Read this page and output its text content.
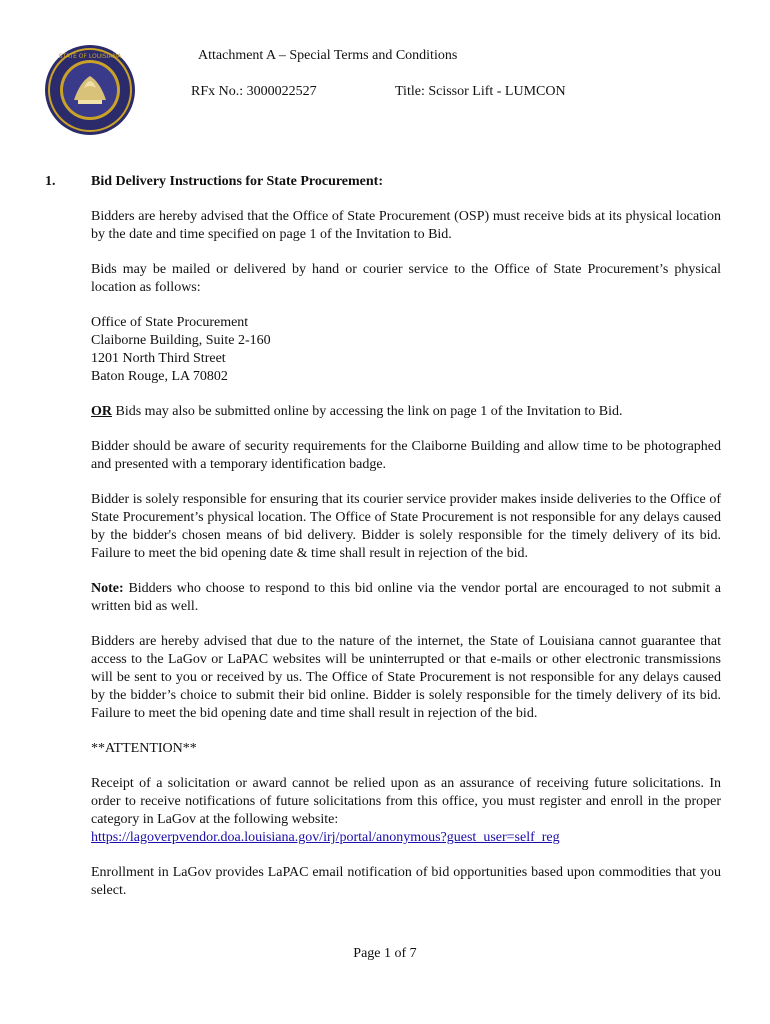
STATE OF LOUISIANA	Attachment A – Special Terms and Conditions
RFx No.: 3000022527	Title: Scissor Lift - LUMCON
1.	Bid Delivery Instructions for State Procurement:

Bidders are hereby advised that the Office of State Procurement (OSP) must receive bids at its physical location by the date and time specified on page 1 of the Invitation to Bid.

Bids may be mailed or delivered by hand or courier service to the Office of State Procurement’s physical location as follows:

Office of State Procurement
Claiborne Building, Suite 2-160
1201 North Third Street
Baton Rouge, LA 70802

OR Bids may also be submitted online by accessing the link on page 1 of the Invitation to Bid.

Bidder should be aware of security requirements for the Claiborne Building and allow time to be photographed and presented with a temporary identification badge.

Bidder is solely responsible for ensuring that its courier service provider makes inside deliveries to the Office of State Procurement’s physical location. The Office of State Procurement is not responsible for any delays caused by the bidder's chosen means of bid delivery. Bidder is solely responsible for the timely delivery of its bid. Failure to meet the bid opening date & time shall result in rejection of the bid.

Note: Bidders who choose to respond to this bid online via the vendor portal are encouraged to not submit a written bid as well.

Bidders are hereby advised that due to the nature of the internet, the State of Louisiana cannot guarantee that access to the LaGov or LaPAC websites will be uninterrupted or that e-mails or other electronic transmissions will be sent to you or received by us. The Office of State Procurement is not responsible for any delays caused by the bidder’s choice to submit their bid online. Bidder is solely responsible for the timely delivery of its bid. Failure to meet the bid opening date and time shall result in rejection of the bid.

**ATTENTION**

Receipt of a solicitation or award cannot be relied upon as an assurance of receiving future solicitations. In order to receive notifications of future solicitations from this office, you must register and enroll in the proper category in LaGov at the following website:
https://lagoverpvendor.doa.louisiana.gov/irj/portal/anonymous?guest_user=self_reg

Enrollment in LaGov provides LaPAC email notification of bid opportunities based upon commodities that you select.

Page 1 of 7
